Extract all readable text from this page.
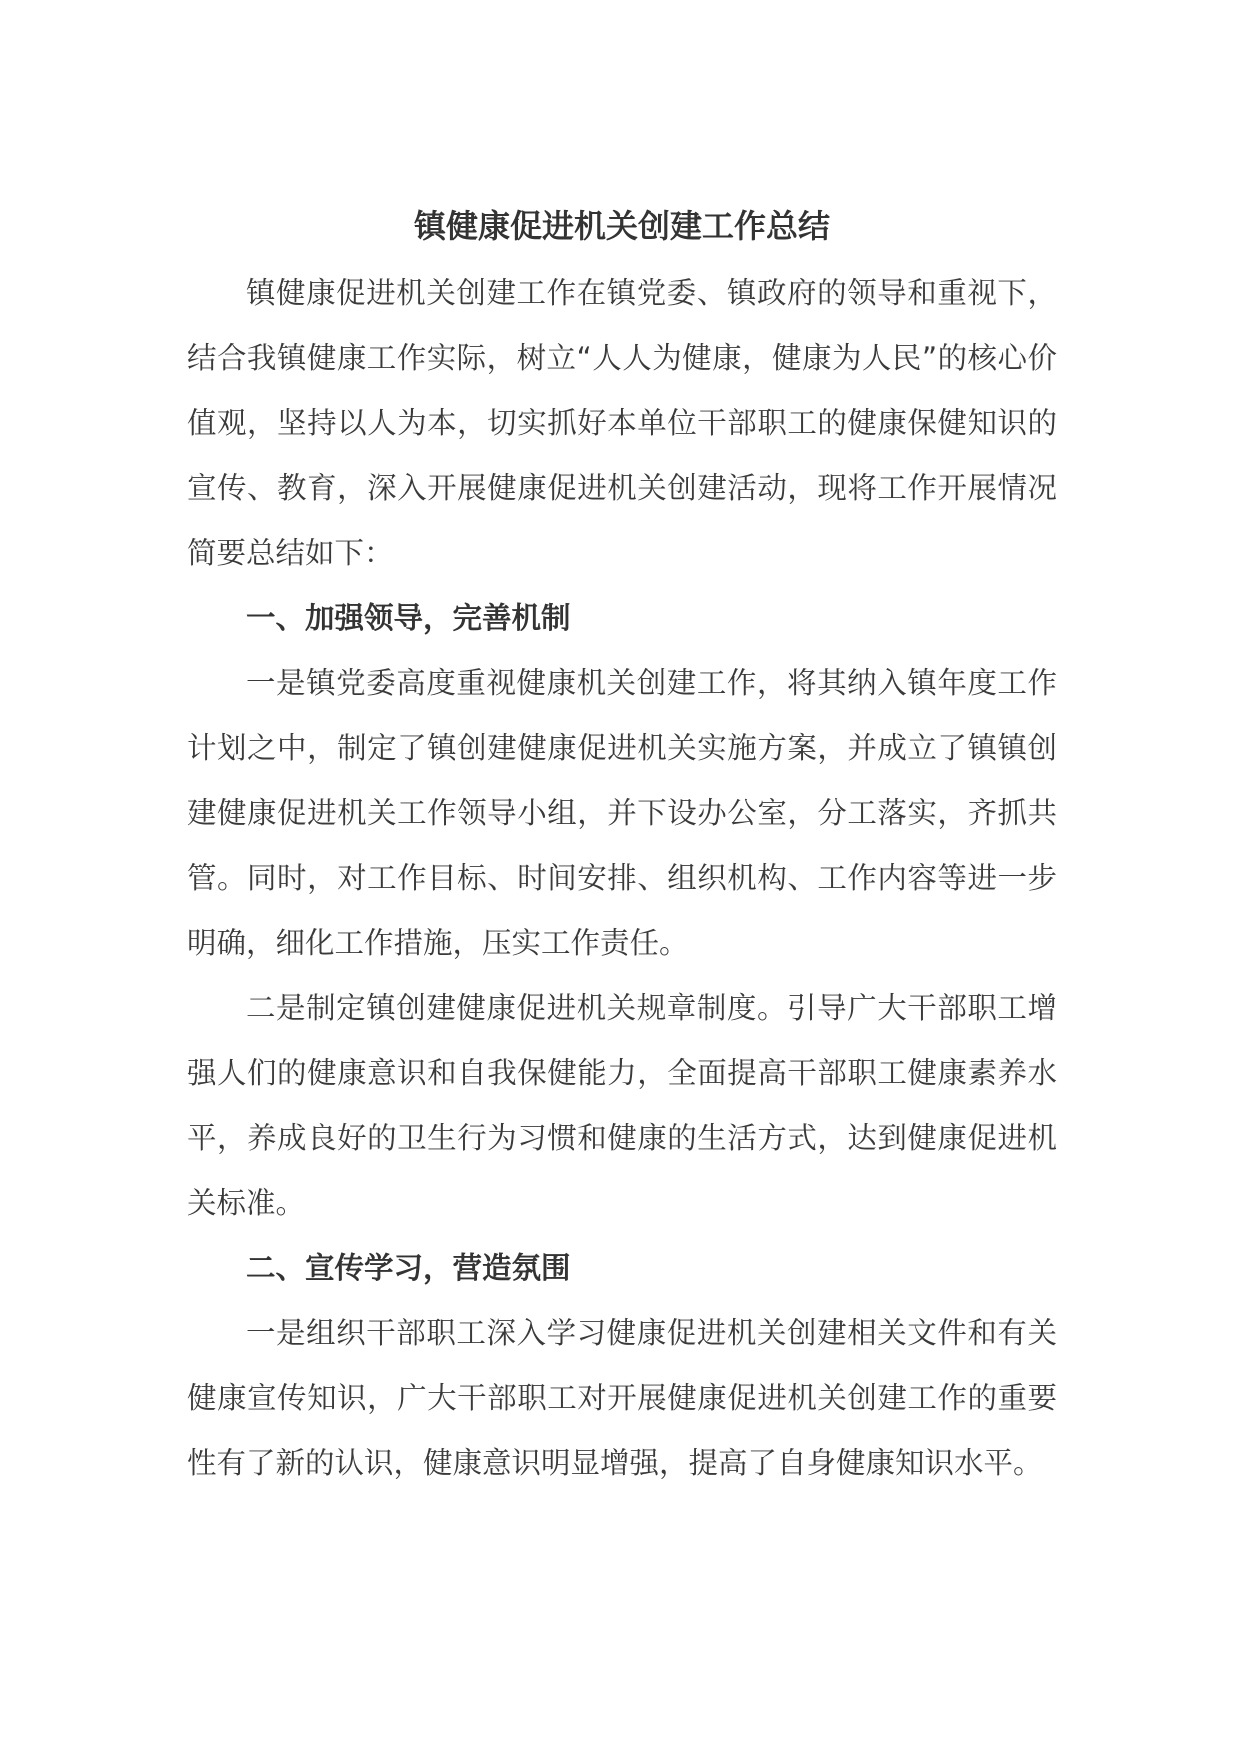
镇健康促进机关创建工作总结

镇健康促进机关创建工作在镇党委、镇政府的领导和重视下，结合我镇健康工作实际，树立“人人为健康，健康为人民”的核心价值观，坚持以人为本，切实抓好本单位干部职工的健康保健知识的宣传、教育，深入开展健康促进机关创建活动，现将工作开展情况简要总结如下：

一、加强领导，完善机制

一是镇党委高度重视健康机关创建工作，将其纳入镇年度工作计划之中，制定了镇创建健康促进机关实施方案，并成立了镇镇创建健康促进机关工作领导小组，并下设办公室，分工落实，齐抓共管。同时，对工作目标、时间安排、组织机构、工作内容等进一步明确，细化工作措施，压实工作责任。

二是制定镇创建健康促进机关规章制度。引导广大干部职工增强人们的健康意识和自我保健能力，全面提高干部职工健康素养水平，养成良好的卫生行为习惯和健康的生活方式，达到健康促进机关标准。

二、宣传学习，营造氛围

一是组织干部职工深入学习健康促进机关创建相关文件和有关健康宣传知识，广大干部职工对开展健康促进机关创建工作的重要性有了新的认识，健康意识明显增强，提高了自身健康知识水平。
